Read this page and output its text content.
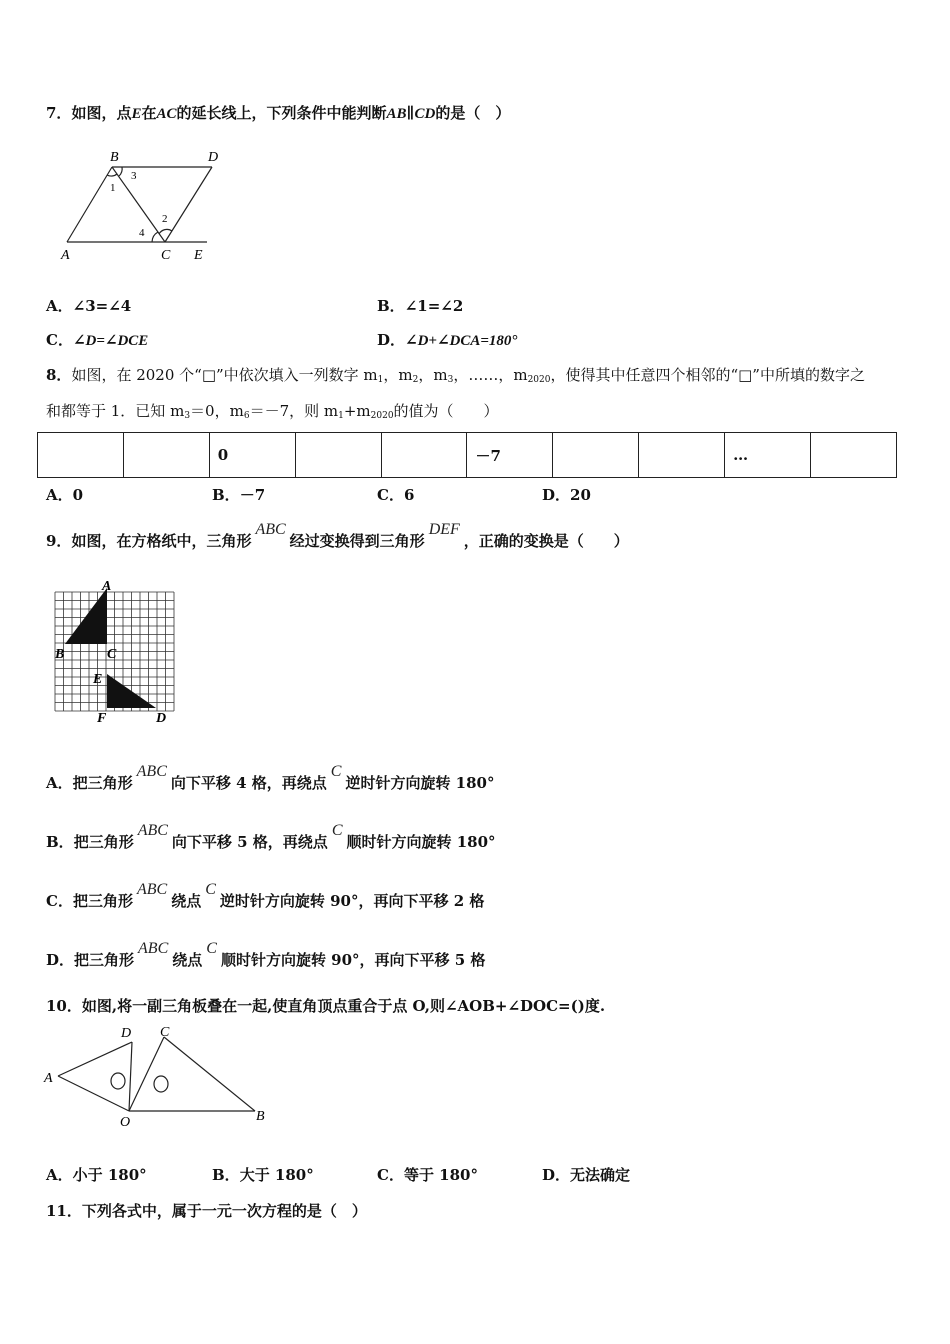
7．如图，点E在AC的延长线上，下列条件中能判断AB∥CD的是（　）
B	D
A	C E
1
3
2
4
A．∠3=∠4	B．∠1=∠2
C．∠D=∠DCE	D．∠D+∠DCA=180°
8．如图，在 2020 个“□”中依次填入一列数字 $m_1$，$m_2$，$m_3$，……，$m_{2020}$，使得其中任意四个相邻的“□”中所填的数字之
和都等于 1．已知 $m_3=0$，$m_6=-7$，则 $m_1+m_{2020}$的值为（　　）
		0			－7			…	
A．0	B．－7	C．6	D．20
9．如图，在方格纸中，三角形ABC经过变换得到三角形DEF，正确的变换是（　　）
A
B	C
E
F	D
A．把三角形ABC向下平移 4 格，再绕点C逆时针方向旋转 180°
B．把三角形ABC向下平移 5 格，再绕点C顺时针方向旋转 180°
C．把三角形ABC绕点C逆时针方向旋转 90°，再向下平移 2 格
D．把三角形ABC绕点C顺时针方向旋转 90°，再向下平移 5 格
10．如图,将一副三角板叠在一起,使直角顶点重合于点 O,则∠AOB+∠DOC=()度.
D C
A
O	B
A．小于 180°	B．大于 180°	C．等于 180°	D．无法确定
11．下列各式中，属于一元一次方程的是（　）
